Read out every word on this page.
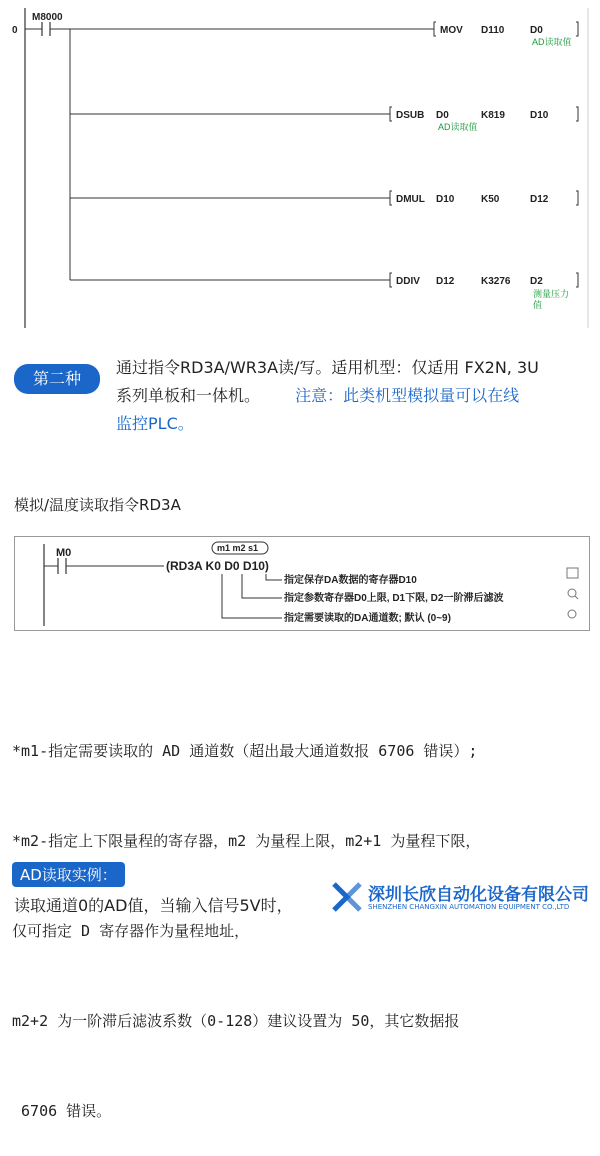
0
M8000
MOV D110	D0
AD读取值
DSUB D0	K819	D10
AD读取值
DMUL D10	K50	D12
DDIV D12	K3276 D2
测量压力
值
第二种
通过指令RD3A/WR3A读/写。适用机型：仅适用 FX2N, 3U
系列单板和一体机。 注意：此类机型模拟量可以在线
监控PLC。
模拟/温度读取指令RD3A
M0	m1 m2 s1
(RD3A K0 D0 D10)
指定保存DA数据的寄存器D10
指定参数寄存器D0上限, D1下限, D2一阶滞后滤波
指定需要读取的DA通道数; 默认 (0~9)

*m1-指定需要读取的 AD 通道数（超出最大通道数报 6706 错误）;

*m2-指定上下限量程的寄存器，m2 为量程上限，m2+1 为量程下限，

仅可指定 D 寄存器作为量程地址，

m2+2 为一阶滞后滤波系数（0-128）建议设置为 50，其它数据报

6706 错误。

AD读取实例：
读取通道0的AD值，当输入信号5V时，
深圳长欣自动化设备有限公司
SHENZHEN CHANGXIN AUTOMATION EQUIPMENT CO.,LTD
